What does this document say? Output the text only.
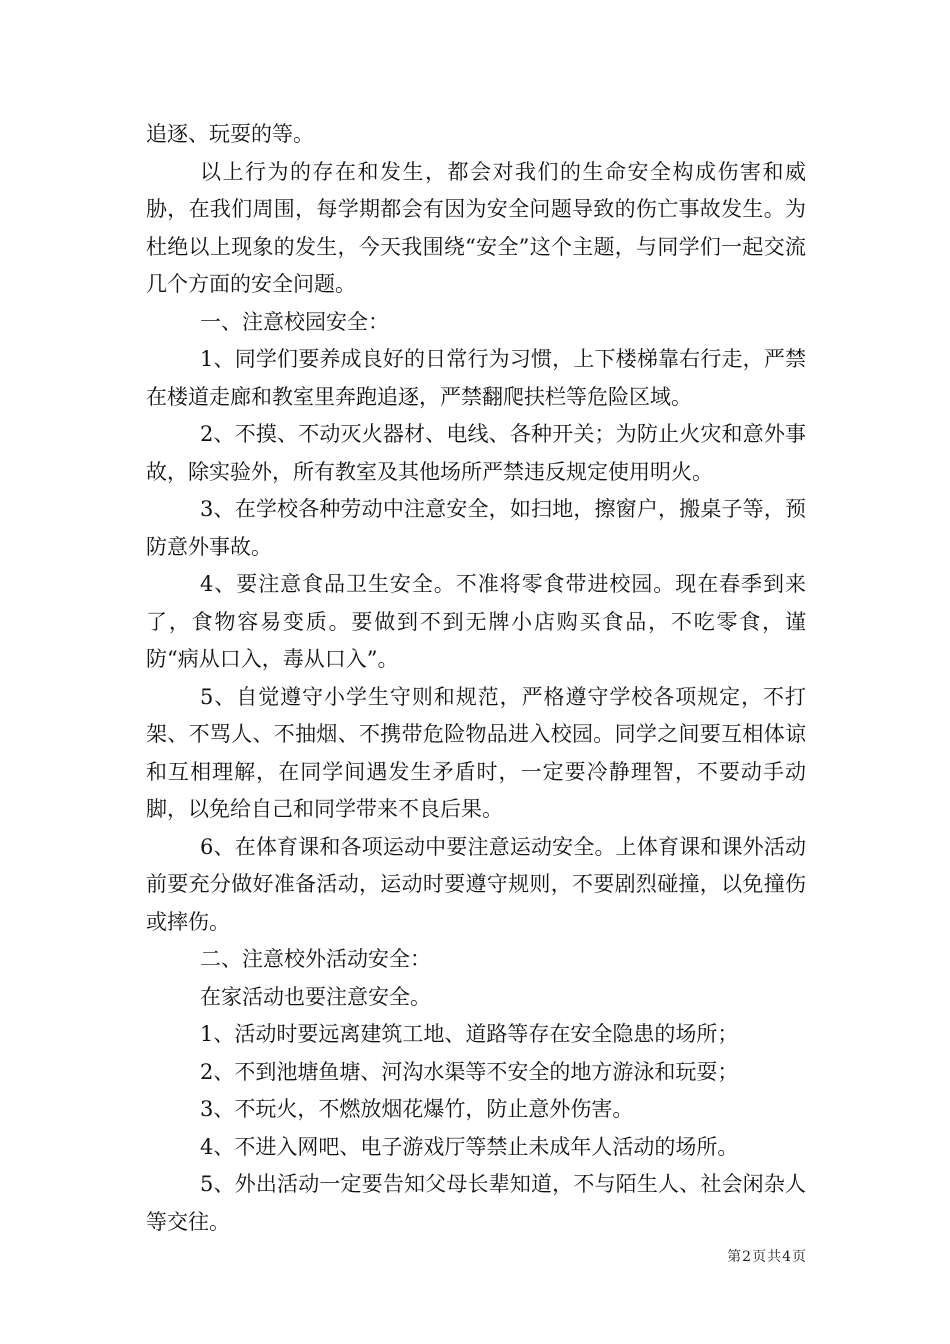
追逐、玩耍的等。

以上行为的存在和发生，都会对我们的生命安全构成伤害和威胁，在我们周围，每学期都会有因为安全问题导致的伤亡事故发生。为杜绝以上现象的发生，今天我围绕“安全”这个主题，与同学们一起交流几个方面的安全问题。

一、注意校园安全：

1、同学们要养成良好的日常行为习惯，上下楼梯靠右行走，严禁在楼道走廊和教室里奔跑追逐，严禁翻爬扶栏等危险区域。

2、不摸、不动灭火器材、电线、各种开关；为防止火灾和意外事故，除实验外，所有教室及其他场所严禁违反规定使用明火。

3、在学校各种劳动中注意安全，如扫地，擦窗户，搬桌子等，预防意外事故。

4、要注意食品卫生安全。不准将零食带进校园。现在春季到来了，食物容易变质。要做到不到无牌小店购买食品，不吃零食，谨防“病从口入，毒从口入”。

5、自觉遵守小学生守则和规范，严格遵守学校各项规定，不打架、不骂人、不抽烟、不携带危险物品进入校园。同学之间要互相体谅和互相理解，在同学间遇发生矛盾时，一定要冷静理智，不要动手动脚，以免给自己和同学带来不良后果。

6、在体育课和各项运动中要注意运动安全。上体育课和课外活动前要充分做好准备活动，运动时要遵守规则，不要剧烈碰撞，以免撞伤或摔伤。

二、注意校外活动安全：

在家活动也要注意安全。

1、活动时要远离建筑工地、道路等存在安全隐患的场所；

2、不到池塘鱼塘、河沟水渠等不安全的地方游泳和玩耍；

3、不玩火，不燃放烟花爆竹，防止意外伤害。

4、不进入网吧、电子游戏厅等禁止未成年人活动的场所。

5、外出活动一定要告知父母长辈知道，不与陌生人、社会闲杂人等交往。

第2页共4页
